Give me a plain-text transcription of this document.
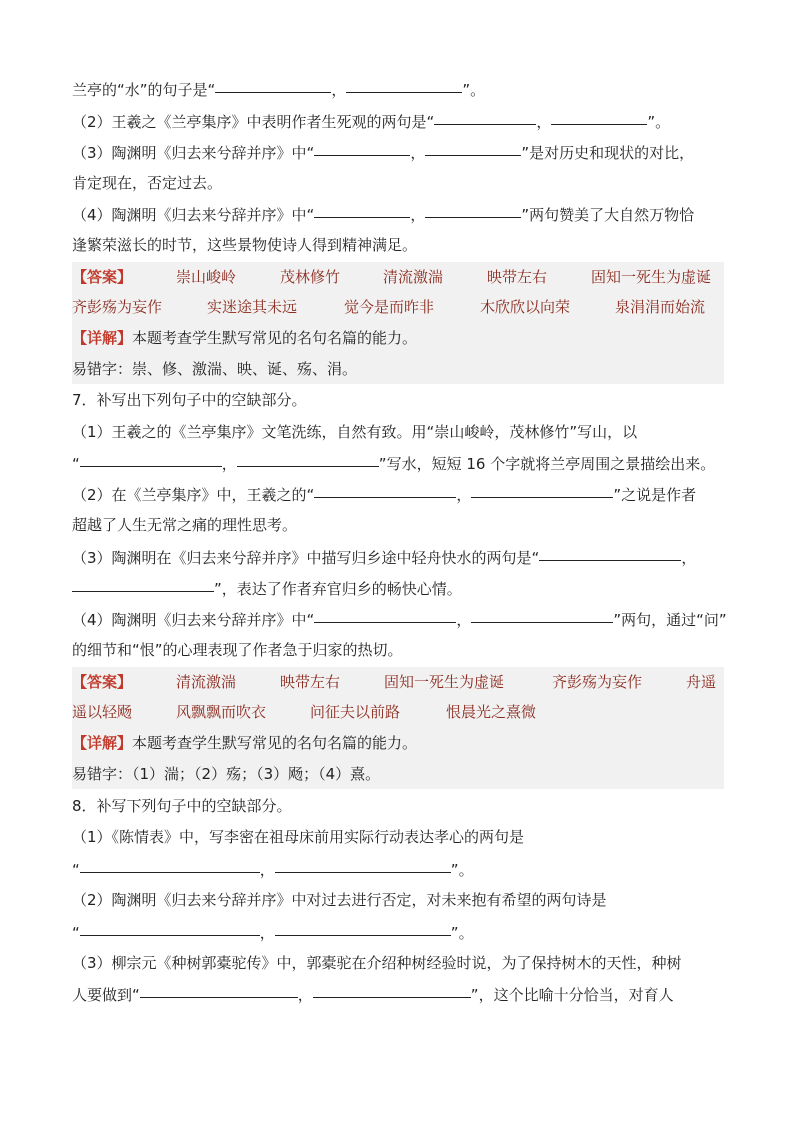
兰亭的“水”的句子是“	，	”。
（2）王羲之《兰亭集序》中表明作者生死观的两句是“	，	”。
（3）陶渊明《归去来兮辞并序》中“	，	”是对历史和现状的对比，
肯定现在，否定过去。
（4）陶渊明《归去来兮辞并序》中“	，	”两句赞美了大自然万物恰
逢繁荣滋长的时节，这些景物使诗人得到精神满足。
【答案】	崇山峻岭	茂林修竹	清流激湍	映带左右	固知一死生为虚诞
齐彭殇为妄作	实迷途其未远	觉今是而昨非	木欣欣以向荣	泉涓涓而始流
【详解】本题考查学生默写常见的名句名篇的能力。
易错字：崇、修、激湍、映、诞、殇、涓。
7．补写出下列句子中的空缺部分。
（1）王羲之的《兰亭集序》文笔洗练，自然有致。用“崇山峻岭，茂林修竹”写山，以
“	，	”写水，短短 16 个字就将兰亭周围之景描绘出来。
（2）在《兰亭集序》中，王羲之的“	，	”之说是作者
超越了人生无常之痛的理性思考。
（3）陶渊明在《归去来兮辞并序》中描写归乡途中轻舟快水的两句是“	，
”，表达了作者弃官归乡的畅快心情。
（4）陶渊明《归去来兮辞并序》中“	，	”两句，通过“问”
的细节和“恨”的心理表现了作者急于归家的热切。
【答案】	清流激湍	映带左右	固知一死生为虚诞	齐彭殇为妄作	舟遥
遥以轻飏	风飘飘而吹衣	问征夫以前路	恨晨光之熹微
【详解】本题考查学生默写常见的名句名篇的能力。
易错字：（1）湍；（2）殇；（3）飏；（4）熹。
8．补写下列句子中的空缺部分。
（1）《陈情表》中，写李密在祖母床前用实际行动表达孝心的两句是
“	，	”。
（2）陶渊明《归去来兮辞并序》中对过去进行否定，对未来抱有希望的两句诗是
“	，	”。
（3）柳宗元《种树郭橐驼传》中，郭橐驼在介绍种树经验时说，为了保持树木的天性，种树
人要做到“	，	”，这个比喻十分恰当，对育人
